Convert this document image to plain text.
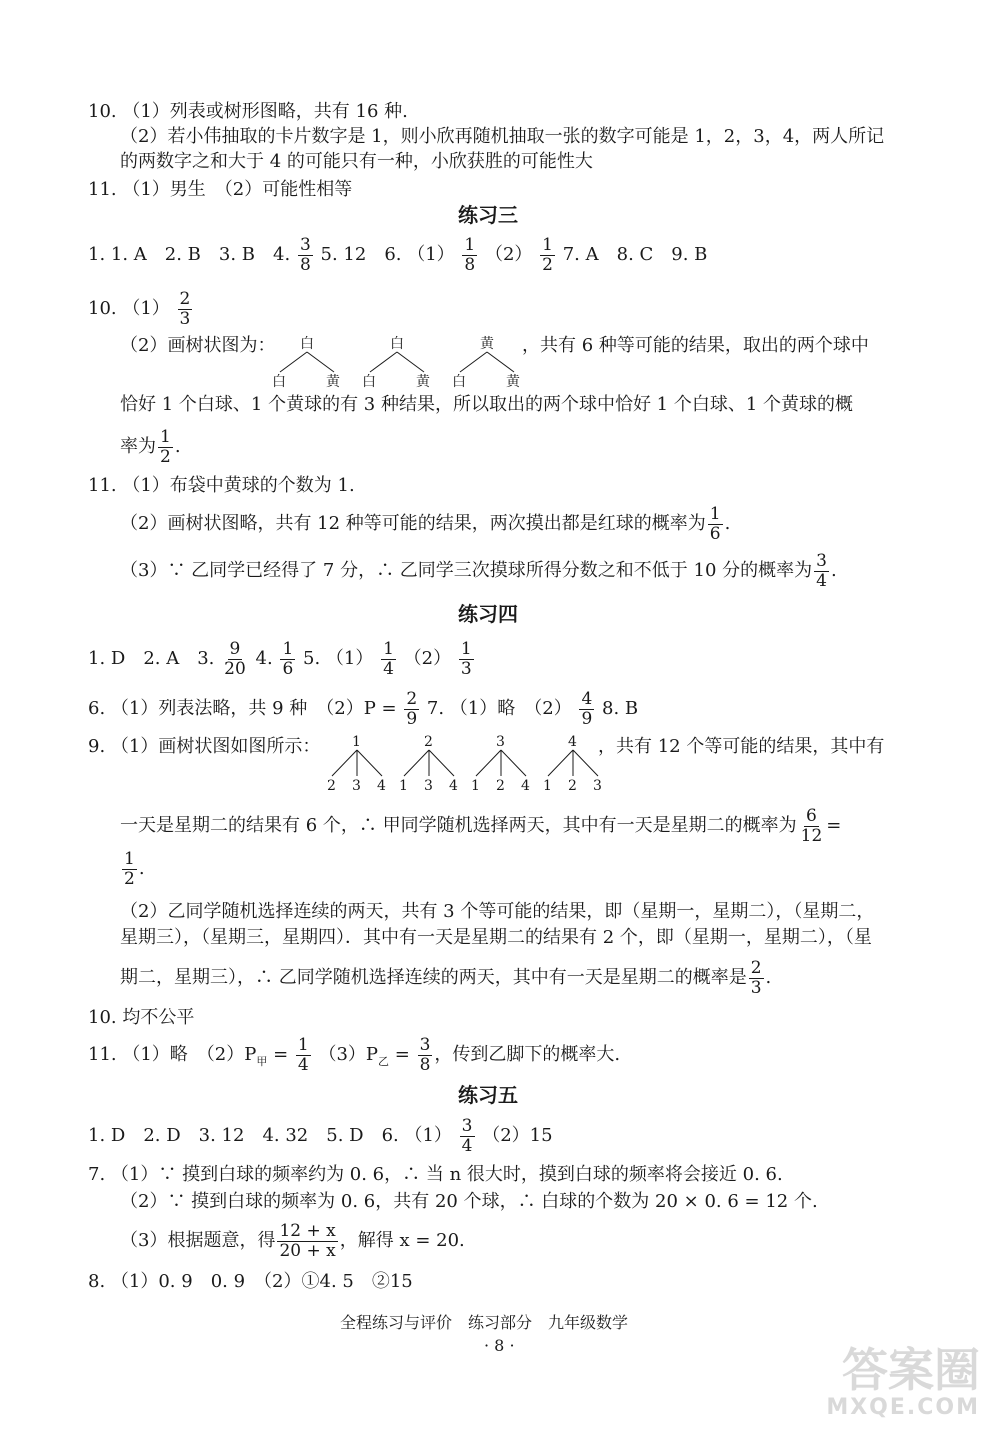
10. （1）列表或树形图略，共有 16 种.
（2）若小伟抽取的卡片数字是 1，则小欣再随机抽取一张的数字可能是 1，2，3，4，两人所记
的两数字之和大于 4 的可能只有一种，小欣获胜的可能性大
11. （1）男生　（2）可能性相等
练习三
1. 1. A　2. B　3. B　4. $\frac{3}{8} 5$. 12　6. $(1) \frac{1}{8} (2) \frac{1}{2} 7$. A　8. C　9. B
10. $(1) \frac{2}{3}$
（2）画树状图为： 白	白	黄
白	黄 白	黄 白	黄
，共有 6 种等可能的结果，取出的两个球中
恰好 1 个白球、1 个黄球的有 3 种结果，所以取出的两个球中恰好 1 个白球、1 个黄球的概
率为 $\frac{1}{2}$ .
11. （1）布袋中黄球的个数为 1.
（2）画树状图略，共有 12 种等可能的结果，两次摸出都是红球的概率为 $\frac{1}{6}$ .
（3）∵ 乙同学已经得了 7 分，∴ 乙同学三次摸球所得分数之和不低于 10 分的概率为 $\frac{3}{4}$ .
练习四
1. D　2. A　3. $\frac{9}{20} 4$. $\frac{1}{6} 5$. $(1) \frac{1}{4} (2) \frac{1}{3}$
6. （1）列表法略，共 9 种　$(2)P = \frac{2}{9} 7$. （1）略　$(2) \frac{4}{9} 8$. B
9. （1）画树状图如图所示： 1	2	3	4
2 3 4 1 3 4 1 2 4 1 2 3
，共有 12 个等可能的结果，其中有
一天是星期二的结果有 6 个，∴ 甲同学随机选择两天，其中有一天是星期二的概率为 $\frac{6}{12}$ =
$\frac{1}{2}$ .
（2）乙同学随机选择连续的两天，共有 3 个等可能的结果，即（星期一，星期二），（星期二，
星期三），（星期三，星期四）．其中有一天是星期二的结果有 2 个，即（星期一，星期二），（星
期二，星期三），∴ 乙同学随机选择连续的两天，其中有一天是星期二的概率是 $\frac{2}{3}$ .
10. 均不公平
11. （1）略　$(2)P_甲 = \frac{1}{4} (3)P_乙 = \frac{3}{8}$ ，传到乙脚下的概率大.
练习五
1. D　2. D　3. 12　4. 32　5. D　6. $(1) \frac{3}{4} (2)15$
7. （1）∵ 摸到白球的频率约为 0. 6，∴ 当 n 很大时，摸到白球的频率将会接近 0. 6.
（2）∵ 摸到白球的频率为 0. 6，共有 20 个球，∴ 白球的个数为 20 × 0. 6 = 12 个.
（3）根据题意，得 $\frac{12 + x}{20 + x}$ ，解得 x = 20.
8. （1）0. 9　0. 9　（2）①4. 5　②15
全程练习与评价　练习部分　九年级数学
· 8 ·	答案圈
MXQE.COM
